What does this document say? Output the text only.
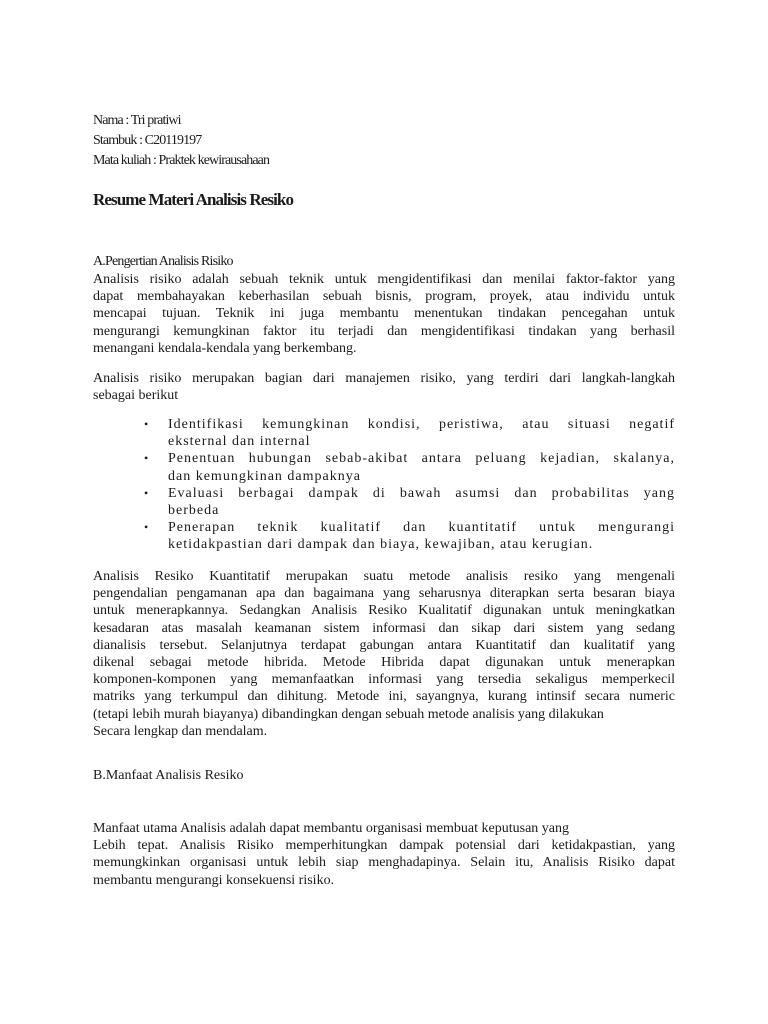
Nama : Tri pratiwi
Stambuk : C20119197
Mata kuliah : Praktek kewirausahaan
Resume Materi Analisis Resiko
A.Pengertian Analisis Risiko
Analisis risiko adalah sebuah teknik untuk mengidentifikasi dan menilai faktor-faktor yang
dapat membahayakan keberhasilan sebuah bisnis, program, proyek, atau individu untuk
mencapai tujuan. Teknik ini juga membantu menentukan tindakan pencegahan untuk
mengurangi kemungkinan faktor itu terjadi dan mengidentifikasi tindakan yang berhasil
menangani kendala-kendala yang berkembang.
Analisis risiko merupakan bagian dari manajemen risiko, yang terdiri dari langkah-langkah
sebagai berikut
• Identifikasi kemungkinan kondisi, peristiwa, atau situasi negatif
eksternal dan internal
• Penentuan hubungan sebab-akibat antara peluang kejadian, skalanya,
dan kemungkinan dampaknya
• Evaluasi berbagai dampak di bawah asumsi dan probabilitas yang
berbeda
• Penerapan teknik kualitatif dan kuantitatif untuk mengurangi
ketidakpastian dari dampak dan biaya, kewajiban, atau kerugian.
Analisis Resiko Kuantitatif merupakan suatu metode analisis resiko yang mengenali
pengendalian pengamanan apa dan bagaimana yang seharusnya diterapkan serta besaran biaya
untuk menerapkannya. Sedangkan Analisis Resiko Kualitatif digunakan untuk meningkatkan
kesadaran atas masalah keamanan sistem informasi dan sikap dari sistem yang sedang
dianalisis tersebut. Selanjutnya terdapat gabungan antara Kuantitatif dan kualitatif yang
dikenal sebagai metode hibrida. Metode Hibrida dapat digunakan untuk menerapkan
komponen-komponen yang memanfaatkan informasi yang tersedia sekaligus memperkecil
matriks yang terkumpul dan dihitung. Metode ini, sayangnya, kurang intinsif secara numeric
(tetapi lebih murah biayanya) dibandingkan dengan sebuah metode analisis yang dilakukan
Secara lengkap dan mendalam.
B.Manfaat Analisis Resiko
Manfaat utama Analisis adalah dapat membantu organisasi membuat keputusan yang
Lebih tepat. Analisis Risiko memperhitungkan dampak potensial dari ketidakpastian, yang
memungkinkan organisasi untuk lebih siap menghadapinya. Selain itu, Analisis Risiko dapat
membantu mengurangi konsekuensi risiko.
